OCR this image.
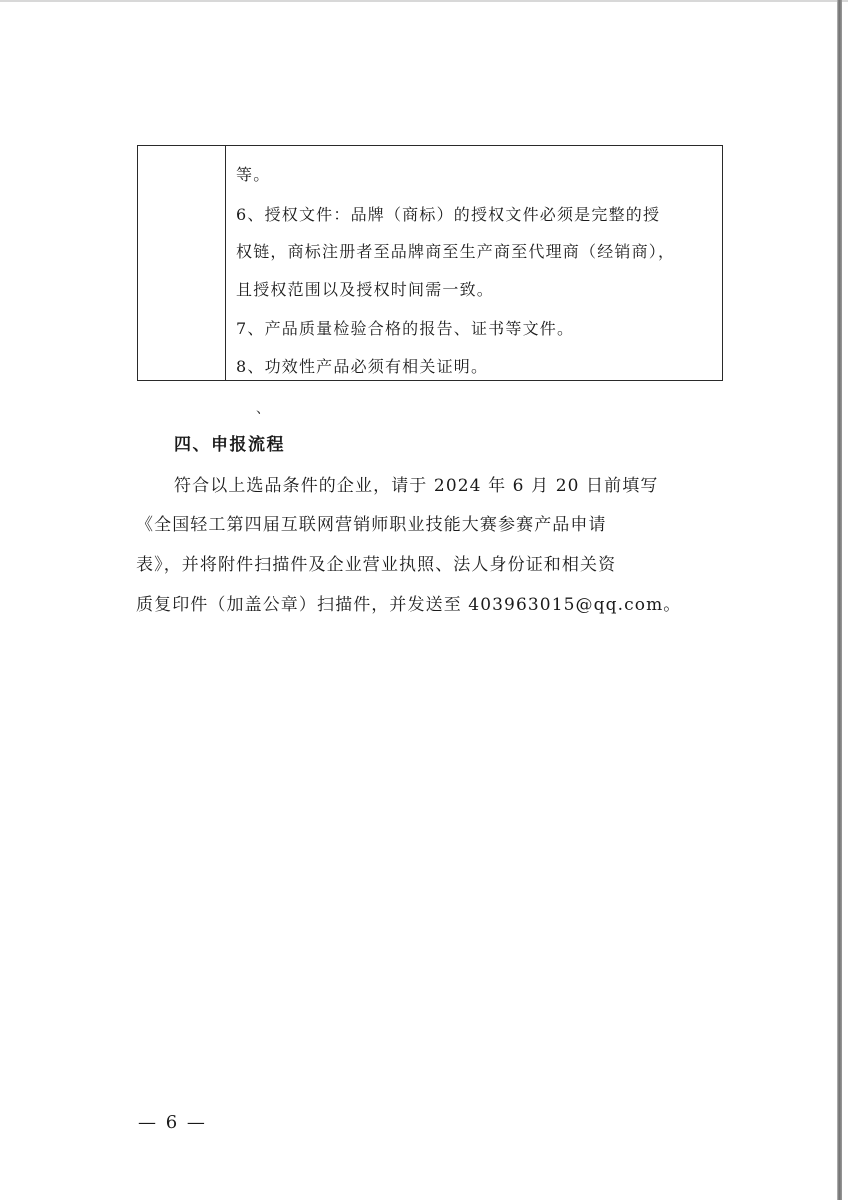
等。
6、授权文件：品牌（商标）的授权文件必须是完整的授
权链，商标注册者至品牌商至生产商至代理商（经销商），
且授权范围以及授权时间需一致。
7、产品质量检验合格的报告、证书等文件。
8、功效性产品必须有相关证明。
、
四、申报流程
符合以上选品条件的企业，请于 2024 年 6 月 20 日前填写
《全国轻工第四届互联网营销师职业技能大赛参赛产品申请
表》，并将附件扫描件及企业营业执照、法人身份证和相关资
质复印件（加盖公章）扫描件，并发送至 403963015@qq.com。
— 6 —
